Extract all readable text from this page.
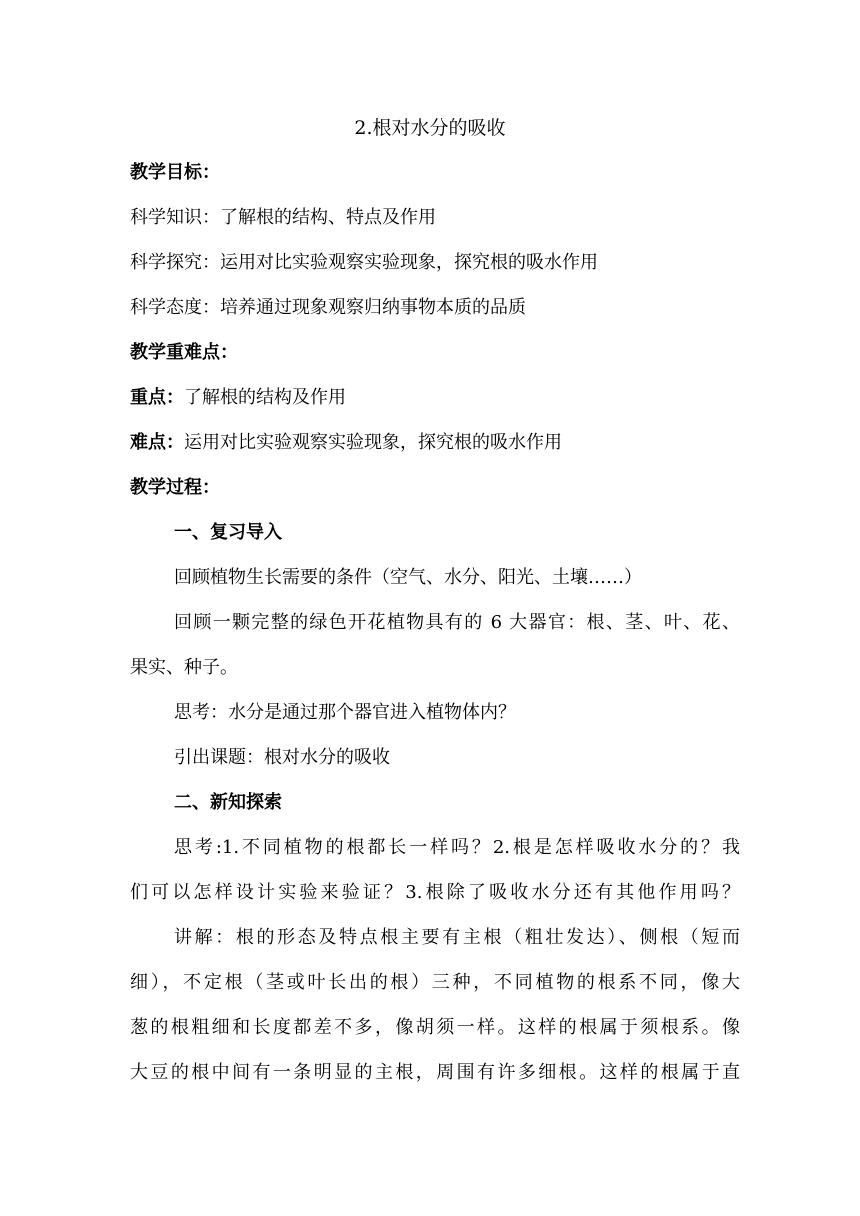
2.根对水分的吸收
教学目标：
科学知识：了解根的结构、特点及作用
科学探究：运用对比实验观察实验现象，探究根的吸水作用
科学态度：培养通过现象观察归纳事物本质的品质
教学重难点：
重点：了解根的结构及作用
难点：运用对比实验观察实验现象，探究根的吸水作用
教学过程：
一、复习导入
回顾植物生长需要的条件（空气、水分、阳光、土壤……）
回顾一颗完整的绿色开花植物具有的 6 大器官：根、茎、叶、花、
果实、种子。
思考：水分是通过那个器官进入植物体内？
引出课题：根对水分的吸收
二、新知探索
思考:1.不同植物的根都长一样吗？2.根是怎样吸收水分的？我
们可以怎样设计实验来验证？3.根除了吸收水分还有其他作用吗？
讲解：根的形态及特点根主要有主根（粗壮发达）、侧根（短而
细），不定根（茎或叶长出的根）三种，不同植物的根系不同，像大
葱的根粗细和长度都差不多，像胡须一样。这样的根属于须根系。像
大豆的根中间有一条明显的主根，周围有许多细根。这样的根属于直
